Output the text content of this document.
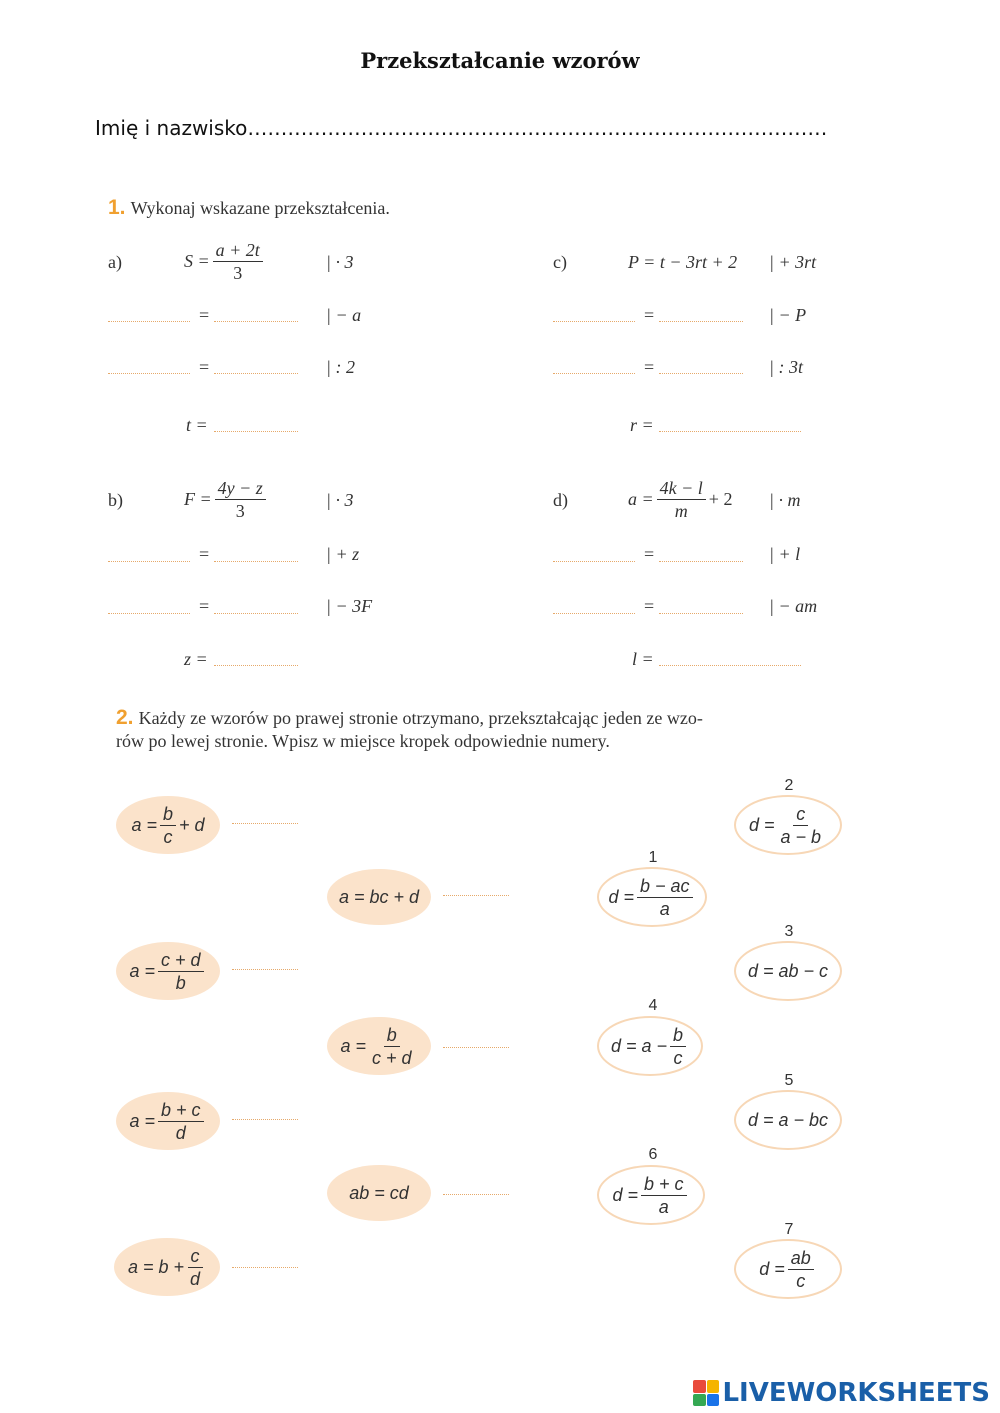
Przekształcanie wzorów
Imię i nazwisko……………………………………………………………………………
1. Wykonaj wskazane przekształcenia.
a)	$S = \frac{a + 2t}{3}$	| · 3
=	| − a
=	| : 2
t =
c)	P = t − 3rt + 2 | + 3rt
=	| − P
=	| : 3t
r =
b)	$F = \frac{4y - z}{3}$	| · 3
=	| + z
=	| − 3F
z =
d)	$a = \frac{4k - l}{m} + 2$ | · m
=	| + l
=	| − am
l =
2. Każdy ze wzorów po prawej stronie otrzymano, przekształcając jeden ze wzo-
rów po lewej stronie. Wpisz w miejsce kropek odpowiednie numery.
$a = \frac{b}{c} + d$
a = bc + d
$a = \frac{c + d}{b}$
$a = \frac{b}{c + d}$
$a = \frac{b + c}{d}$
ab = cd
$a = b + \frac{c}{d}$
2
$d = \frac{c}{a - b}$
1
$d = \frac{b - ac}{a}$
3
d = ab − c
4
$d = a - \frac{b}{c}$
5
d = a − bc
6
$d = \frac{b + c}{a}$
7
$d = \frac{ab}{c}$
LIVEWORKSHEETS
